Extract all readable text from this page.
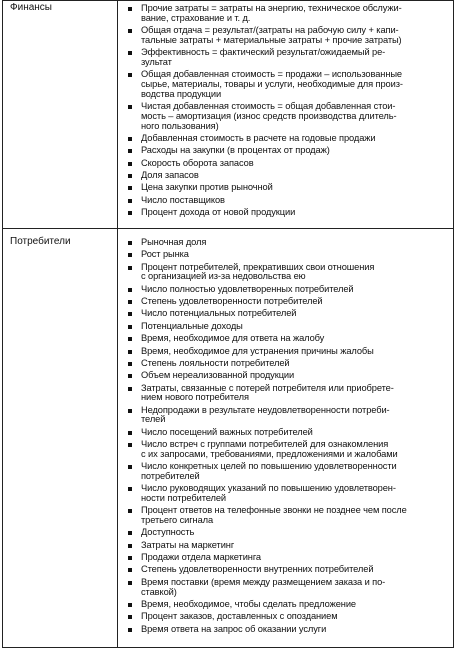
Финансы	Прочие затраты = затраты на энергию, техническое обслужи-
вание, страхование и т. д.
Общая отдача = результат/(затраты на рабочую силу + капи-
тальные затраты + материальные затраты + прочие затраты)
Эффективность = фактический результат/ожидаемый ре-
зультат
Общая добавленная стоимость = продажи – использованные
сырье, материалы, товары и услуги, необходимые для произ-
водства продукции
Чистая добавленная стоимость = общая добавленная стои-
мость – амортизация (износ средств производства длитель-
ного пользования)
Добавленная стоимость в расчете на годовые продажи
Расходы на закупки (в процентах от продаж)
Скорость оборота запасов
Доля запасов
Цена закупки против рыночной
Число поставщиков
Процент дохода от новой продукции
Потребители	Рыночная доля
Рост рынка
Процент потребителей, прекративших свои отношения
с организацией из-за недовольства ею
Число полностью удовлетворенных потребителей
Степень удовлетворенности потребителей
Число потенциальных потребителей
Потенциальные доходы
Время, необходимое для ответа на жалобу
Время, необходимое для устранения причины жалобы
Степень лояльности потребителей
Объем нереализованной продукции
Затраты, связанные с потерей потребителя или приобрете-
нием нового потребителя
Недопродажи в результате неудовлетворенности потреби-
телей
Число посещений важных потребителей
Число встреч с группами потребителей для ознакомления
с их запросами, требованиями, предложениями и жалобами
Число конкретных целей по повышению удовлетворенности
потребителей
Число руководящих указаний по повышению удовлетворен-
ности потребителей
Процент ответов на телефонные звонки не позднее чем после
третьего сигнала
Доступность
Затраты на маркетинг
Продажи отдела маркетинга
Степень удовлетворенности внутренних потребителей
Время поставки (время между размещением заказа и по-
ставкой)
Время, необходимое, чтобы сделать предложение
Процент заказов, доставленных с опозданием
Время ответа на запрос об оказании услуги
